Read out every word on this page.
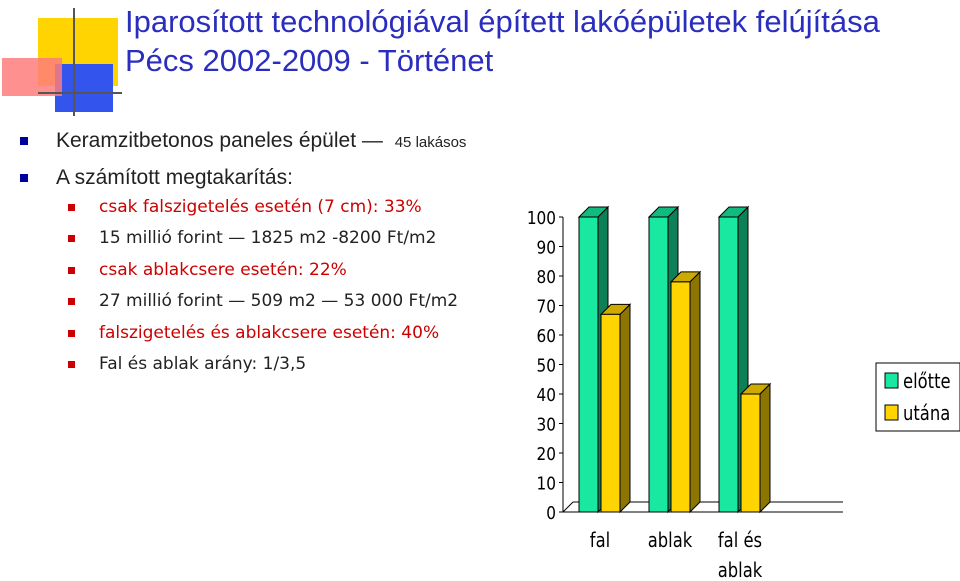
Iparosított technológiával épített lakóépületek felújítása
Pécs 2002-2009 - Történet
Keramzitbetonos paneles épület — 45 lakásos
A számított megtakarítás:
csak falszigetelés esetén (7 cm): 33%
15 millió forint — 1825 m2 -8200 Ft/m2
csak ablakcsere esetén: 22%
27 millió forint — 509 m2 — 53 000 Ft/m2
falszigetelés és ablakcsere esetén: 40%
Fal és ablak arány: 1/3,5
0
10
20
30
40
50
60
70
80
90
100
fal ablak fal és
ablak
előtte
utána
